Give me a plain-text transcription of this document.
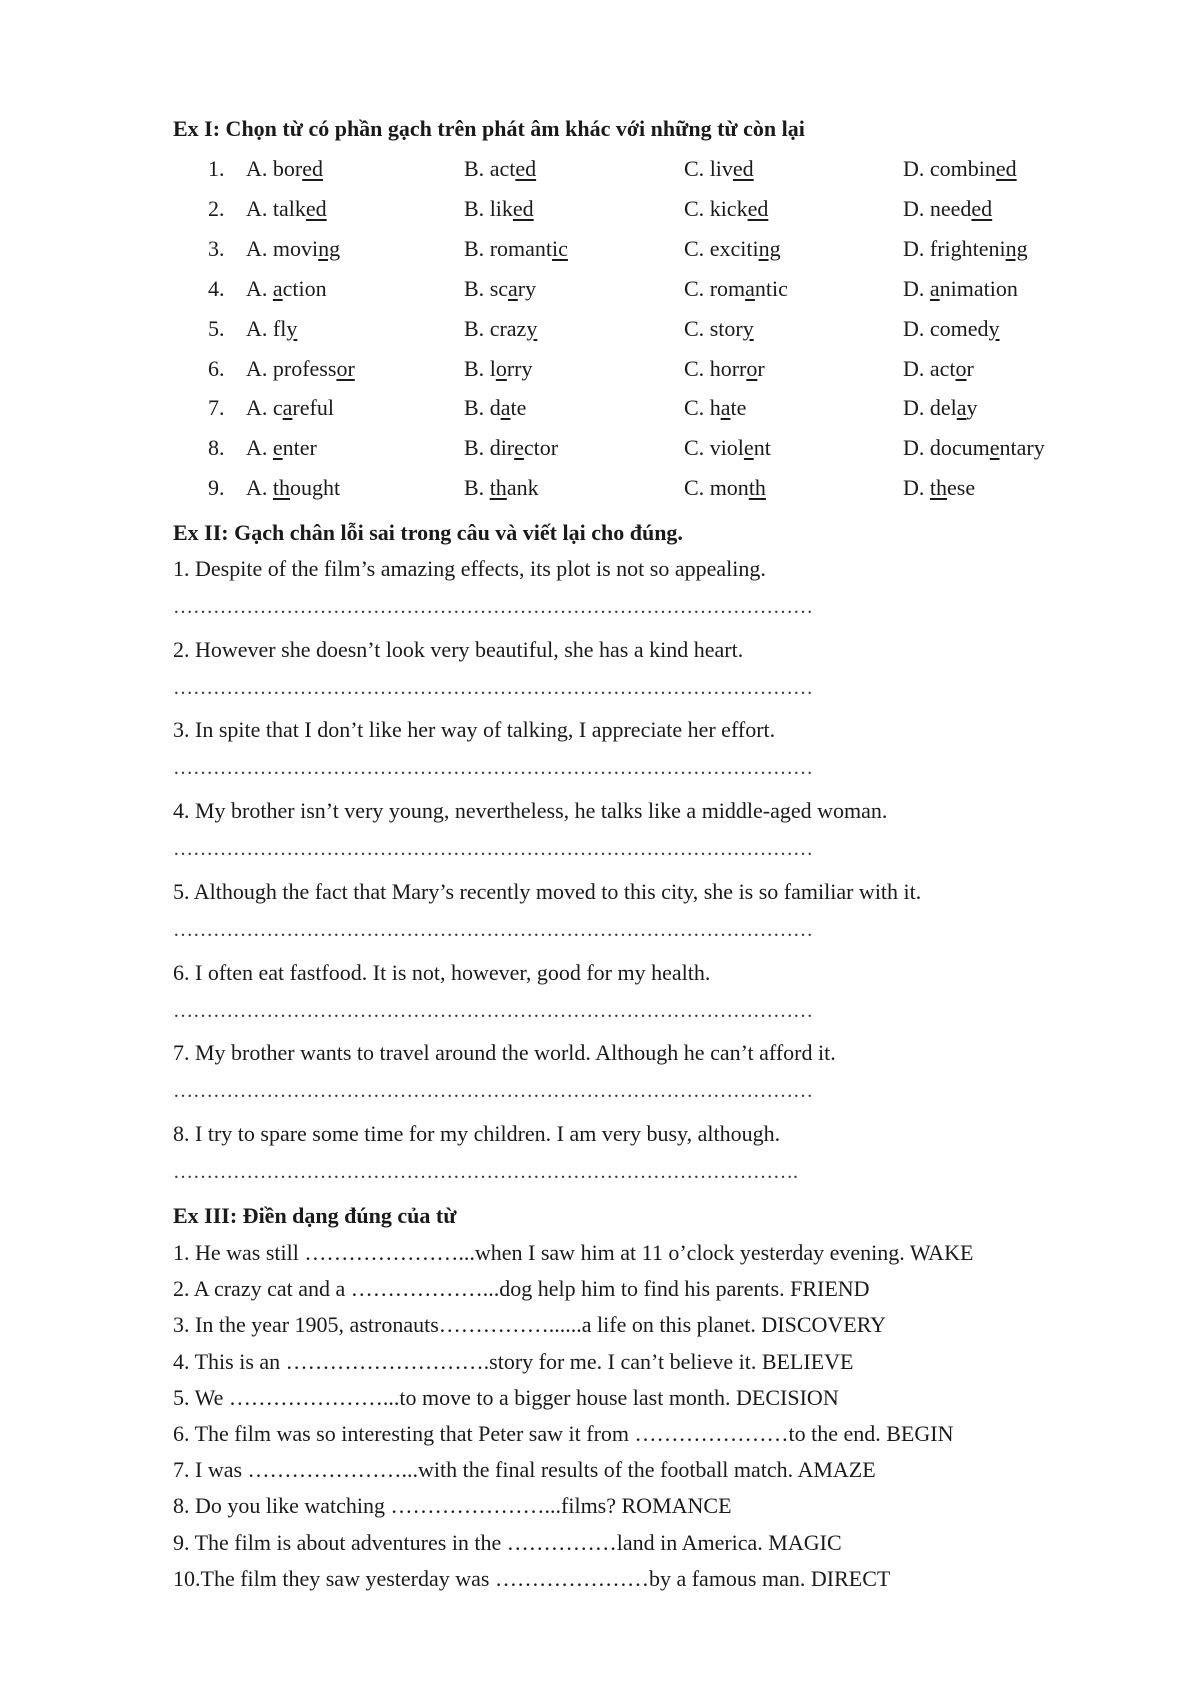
Ex I: Chọn từ có phần gạch trên phát âm khác với những từ còn lại
1. A. bored	B. acted	C. lived	D. combined
2. A. talked	B. liked	C. kicked	D. needed
3. A. moving	B. romantic	C. exciting	D. frightening
4. A. action	B. scary	C. romantic	D. animation
5. A. fly	B. crazy	C. story	D. comedy
6. A. professor	B. lorry	C. horror	D. actor
7. A. careful	B. date	C. hate	D. delay
8. A. enter	B. director	C. violent	D. documentary
9. A. thought	B. thank	C. month	D. these
Ex II: Gạch chân lỗi sai trong câu và viết lại cho đúng.
1. Despite of the film’s amazing effects, its plot is not so appealing.
……………………………………………………………………………………
2. However she doesn’t look very beautiful, she has a kind heart.
……………………………………………………………………………………
3. In spite that I don’t like her way of talking, I appreciate her effort.
……………………………………………………………………………………
4. My brother isn’t very young, nevertheless, he talks like a middle-aged woman.
……………………………………………………………………………………
5. Although the fact that Mary’s recently moved to this city, she is so familiar with it.
……………………………………………………………………………………
6. I often eat fastfood. It is not, however, good for my health.
……………………………………………………………………………………
7. My brother wants to travel around the world. Although he can’t afford it.
……………………………………………………………………………………
8. I try to spare some time for my children. I am very busy, although.
………………………………………………………………………………….
Ex III: Điền dạng đúng của từ
1. He was still …………………...when I saw him at 11 o’clock yesterday evening. WAKE
2. A crazy cat and a ………………...dog help him to find his parents. FRIEND
3. In the year 1905, astronauts……………......a life on this planet. DISCOVERY
4. This is an ……………………….story for me. I can’t believe it. BELIEVE
5. We …………………...to move to a bigger house last month. DECISION
6. The film was so interesting that Peter saw it from …………………to the end. BEGIN
7. I was …………………...with the final results of the football match. AMAZE
8. Do you like watching …………………...films? ROMANCE
9. The film is about adventures in the ……………land in America. MAGIC
10.The film they saw yesterday was …………………by a famous man. DIRECT
